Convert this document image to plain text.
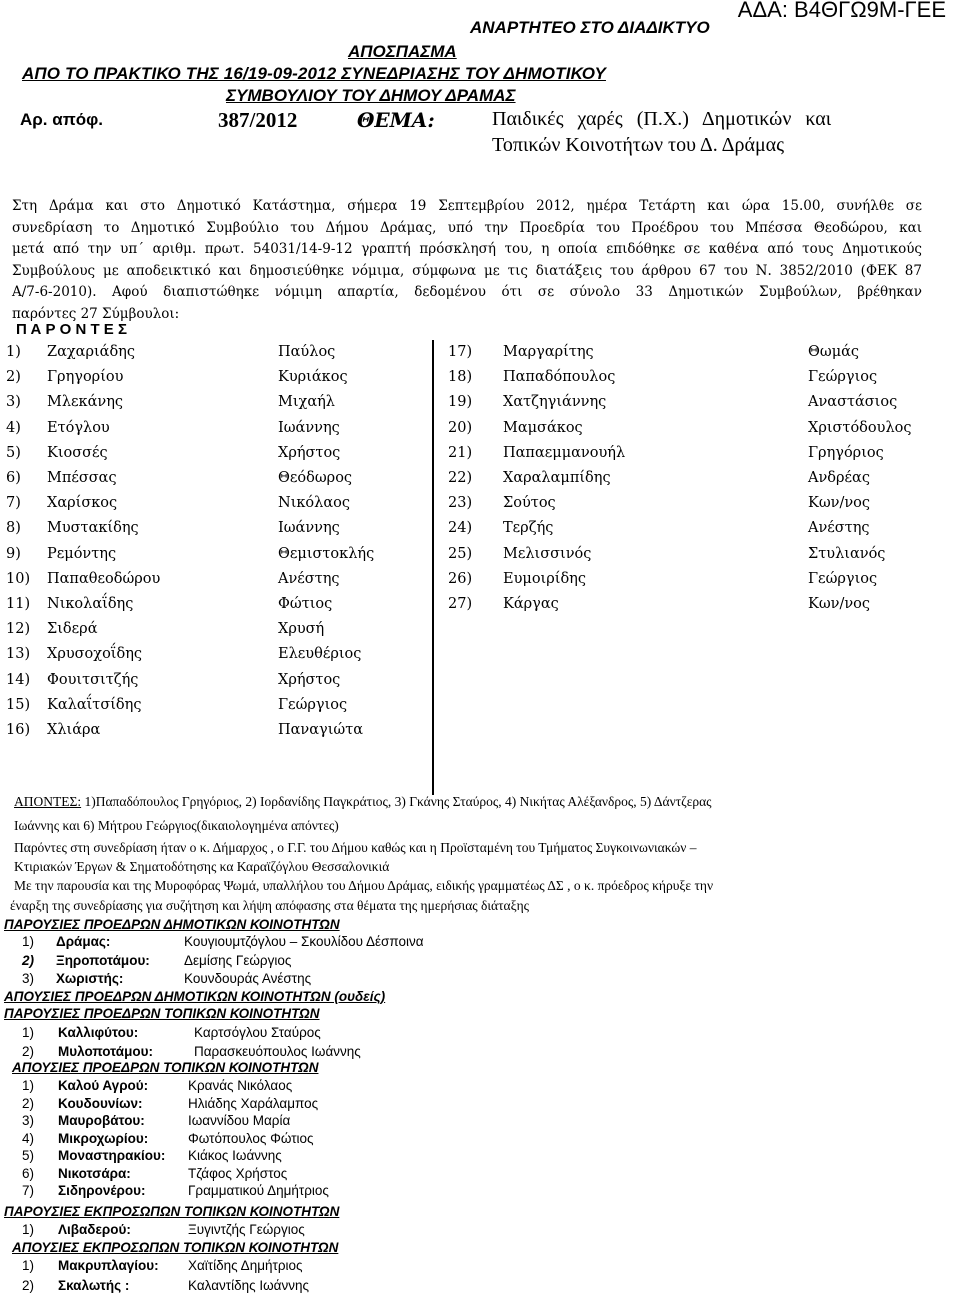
ΑΔΑ: Β4ΘΓΩ9Μ-ΓΕΕ
ΑΝΑΡΤΗΤΕΟ ΣΤΟ ΔΙΑΔΙΚΤΥΟ
ΑΠΟΣΠΑΣΜΑ
ΑΠΟ ΤΟ ΠΡΑΚΤΙΚΟ ΤΗΣ 16/19-09-2012 ΣΥΝΕΔΡΙΑΣΗΣ ΤΟΥ ΔΗΜΟΤΙΚΟΥ
ΣΥΜΒΟΥΛΙΟΥ ΤΟΥ ΔΗΜΟΥ ΔΡΑΜΑΣ
Αρ. απόφ.	387/2012	ΘΕΜΑ:	Παιδικές χαρές (Π.Χ.) Δημοτικών και
Τοπικών Κοινοτήτων του Δ. Δράμας
Στη Δράμα και στο Δημοτικό Κατάστημα, σήμερα 19 Σεπτεμβρίου 2012, ημέρα Τετάρτη και ώρα 15.00, συνήλθε σε
συνεδρίαση το Δημοτικό Συμβούλιο του Δήμου Δράμας, υπό την Προεδρία του Προέδρου του Μπέσσα Θεοδώρου, και
μετά από την υπ΄ αριθμ. πρωτ. 54031/14-9-12 γραπτή πρόσκλησή του, η οποία επιδόθηκε σε καθένα από τους Δημοτικούς
Συμβούλους με αποδεικτικό και δημοσιεύθηκε νόμιμα, σύμφωνα με τις διατάξεις του άρθρου 67 του Ν. 3852/2010 (ΦΕΚ 87
Α/7-6-2010). Αφού διαπιστώθηκε νόμιμη απαρτία, δεδομένου ότι σε σύνολο 33 Δημοτικών Συμβούλων, βρέθηκαν
παρόντες 27 Σύμβουλοι:
Π Α Ρ Ο Ν Τ Ε Σ
1) Ζαχαριάδης	Παύλος
2) Γρηγορίου	Κυριάκος
3) Μλεκάνης	Μιχαήλ
4) Ετόγλου	Ιωάννης
5) Κιοσσές	Χρήστος
6) Μπέσσας	Θεόδωρος
7) Χαρίσκος	Νικόλαος
8) Μυστακίδης	Ιωάννης
9) Ρεμόντης	Θεμιστοκλής
10) Παπαθεοδώρου	Ανέστης
11) Νικολαΐδης	Φώτιος
12) Σιδερά	Χρυσή
13) Χρυσοχοΐδης	Ελευθέριος
14) Φουιτσιτζής	Χρήστος
15) Καλαΐτσίδης	Γεώργιος
16) Χλιάρα	Παναγιώτα
17) Μαργαρίτης	Θωμάς
18) Παπαδόπουλος	Γεώργιος
19) Χατζηγιάννης	Αναστάσιος
20) Μαμσάκος	Χριστόδουλος
21) Παπαεμμανουήλ	Γρηγόριος
22) Χαραλαμπίδης	Ανδρέας
23) Σούτος	Κων/νος
24) Τερζής	Ανέστης
25) Μελισσινός	Στυλιανός
26) Ευμοιρίδης	Γεώργιος
27) Κάργας	Κων/νος
ΑΠΟΝΤΕΣ: 1)Παπαδόπουλος Γρηγόριος, 2) Ιορδανίδης Παγκράτιος, 3) Γκάνης Σταύρος, 4) Νικήτας Αλέξανδρος, 5) Δάντζερας
Ιωάννης και 6) Μήτρου Γεώργιος(δικαιολογημένα απόντες)
Παρόντες στη συνεδρίαση ήταν ο κ. Δήμαρχος , ο Γ.Γ. του Δήμου καθώς και η Προϊσταμένη του Τμήματος Συγκοινωνιακών –
Κτιριακών Έργων & Σηματοδότησης κα Καραϊζόγλου Θεσσαλονικιά
Με την παρουσία και της Μυροφόρας Ψωμά, υπαλλήλου του Δήμου Δράμας, ειδικής γραμματέως ΔΣ , ο κ. πρόεδρος κήρυξε την
έναρξη της συνεδρίασης για συζήτηση και λήψη απόφασης στα θέματα της ημερήσιας διάταξης
ΠΑΡΟΥΣΙΕΣ ΠΡΟΕΔΡΩΝ ΔΗΜΟΤΙΚΩΝ ΚΟΙΝΟΤΗΤΩΝ
1) Δράμας:	Κουγιουμτζόγλου – Σκουλίδου Δέσποινα
2) Ξηροποτάμου:	Δεμίσης Γεώργιος
3) Χωριστής:	Κουνδουράς Ανέστης
ΑΠΟΥΣΙΕΣ ΠΡΟΕΔΡΩΝ ΔΗΜΟΤΙΚΩΝ ΚΟΙΝΟΤΗΤΩΝ (ουδείς)
ΠΑΡΟΥΣΙΕΣ ΠΡΟΕΔΡΩΝ ΤΟΠΙΚΩΝ ΚΟΙΝΟΤΗΤΩΝ
1) Καλλιφύτου:	Καρτσόγλου Σταύρος
2) Μυλοποτάμου:	Παρασκευόπουλος Ιωάννης
ΑΠΟΥΣΙΕΣ ΠΡΟΕΔΡΩΝ ΤΟΠΙΚΩΝ ΚΟΙΝΟΤΗΤΩΝ
1) Καλού Αγρού:	Κρανάς Νικόλαος
2) Κουδουνίων:	Ηλιάδης Χαράλαμπος
3) Μαυροβάτου:	Ιωαννίδου Μαρία
4) Μικροχωρίου:	Φωτόπουλος Φώτιος
5) Μοναστηρακίου: Κιάκος Ιωάννης
6) Νικοτσάρα:	Τζάφος Χρήστος
7) Σιδηρονέρου:	Γραμματικού Δημήτριος
ΠΑΡΟΥΣΙΕΣ ΕΚΠΡΟΣΩΠΩΝ ΤΟΠΙΚΩΝ ΚΟΙΝΟΤΗΤΩΝ
1) Λιβαδερού:	Ξυγιντζής Γεώργιος
ΑΠΟΥΣΙΕΣ ΕΚΠΡΟΣΩΠΩΝ ΤΟΠΙΚΩΝ ΚΟΙΝΟΤΗΤΩΝ
1) Μακρυπλαγίου: Χαϊτίδης Δημήτριος
2) Σκαλωτής :	Καλαντίδης Ιωάννης
